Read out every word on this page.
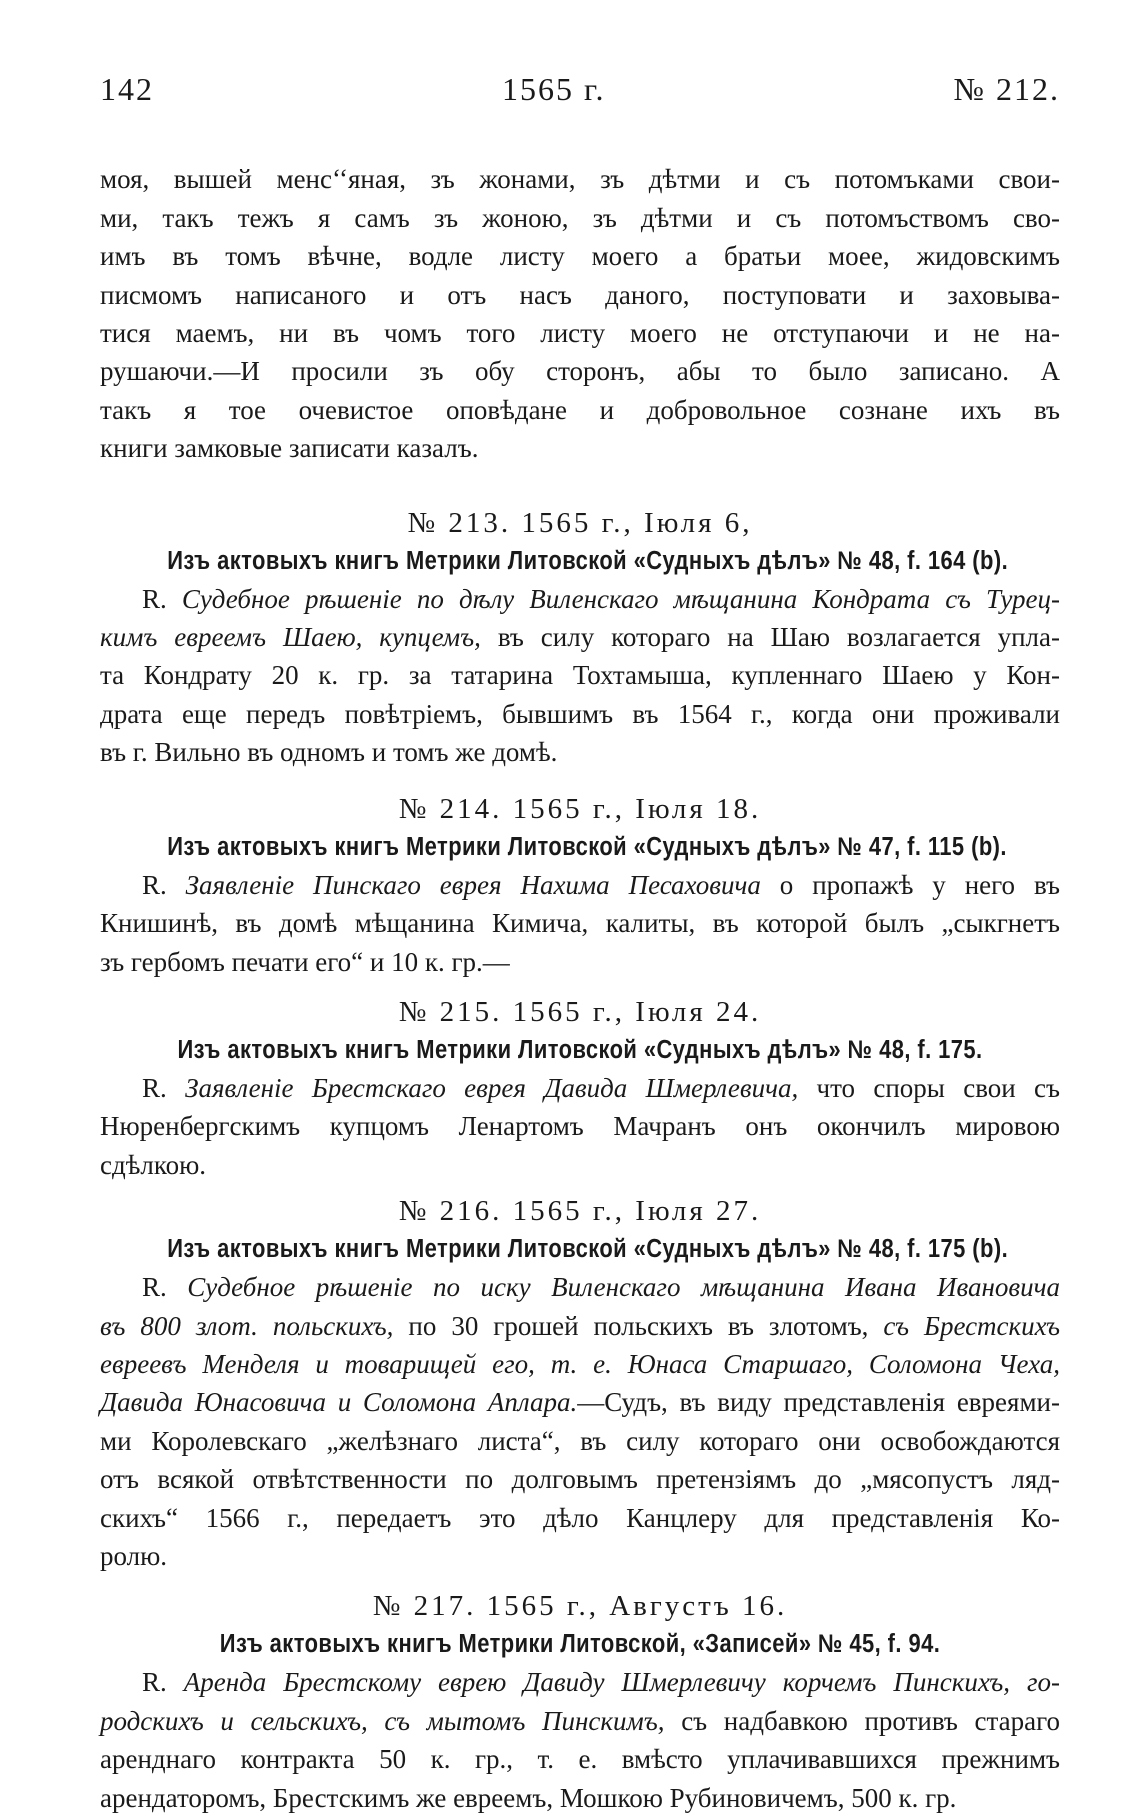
142	1565 г.	№ 212.
моя, вышей менс‘‘яная, зъ жонами, зъ дѣтми и съ потомъками свои-
ми, такъ тежъ я самъ зъ жоною, зъ дѣтми и съ потомъствомъ сво-
имъ въ томъ вѣчне, водле листу моего а братьи моее, жидовскимъ
писмомъ написаного и отъ насъ даного, поступовати и заховыва-
тися маемъ, ни въ чомъ того листу моего не отступаючи и не на-
рушаючи.—И просили зъ обу сторонъ, абы то было записано. А
такъ я тое очевистое оповѣдане и добровольное сознане ихъ въ
книги замковые записати казалъ.
№ 213. 1565 г., Іюля 6,
Изъ актовыхъ книгъ Метрики Литовской «Судныхъ дѣлъ» № 48, f. 164 (b).
R. Судебное рѣшеніе по дѣлу Виленскаго мѣщанина Кондрата съ Турец-
кимъ евреемъ Шаею, купцемъ, въ силу котораго на Шаю возлагается упла-
та Кондрату 20 к. гр. за татарина Тохтамыша, купленнаго Шаею у Кон-
драта еще передъ повѣтріемъ, бывшимъ въ 1564 г., когда они проживали
въ г. Вильно въ одномъ и томъ же домѣ.
№ 214. 1565 г., Іюля 18.
Изъ актовыхъ книгъ Метрики Литовской «Судныхъ дѣлъ» № 47, f. 115 (b).
R. Заявленіе Пинскаго еврея Нахима Песаховича о пропажѣ у него въ
Книшинѣ, въ домѣ мѣщанина Кимича, калиты, въ которой былъ „сыкгнетъ
зъ гербомъ печати его“ и 10 к. гр.—
№ 215. 1565 г., Іюля 24.
Изъ актовыхъ книгъ Метрики Литовской «Судныхъ дѣлъ» № 48, f. 175.
R. Заявленіе Брестскаго еврея Давида Шмерлевича, что споры свои съ
Нюренбергскимъ купцомъ Ленартомъ Мачранъ онъ окончилъ мировою
сдѣлкою.
№ 216. 1565 г., Іюля 27.
Изъ актовыхъ книгъ Метрики Литовской «Судныхъ дѣлъ» № 48, f. 175 (b).
R. Судебное рѣшеніе по иску Виленскаго мѣщанина Ивана Ивановича
въ 800 злот. польскихъ, по 30 грошей польскихъ въ злотомъ, съ Брестскихъ
евреевъ Менделя и товарищей его, т. е. Юнаса Старшаго, Соломона Чеха,
Давида Юнасовича и Соломона Аплара.—Судъ, въ виду представленія евреями-
ми Королевскаго „желѣзнаго листа“, въ силу котораго они освобождаются
отъ всякой отвѣтственности по долговымъ претензіямъ до „мясопустъ ляд-
скихъ“ 1566 г., передаетъ это дѣло Канцлеру для представленія Ко-
ролю.
№ 217. 1565 г., Августъ 16.
Изъ актовыхъ книгъ Метрики Литовской, «Записей» № 45, f. 94.
R. Аренда Брестскому еврею Давиду Шмерлевичу корчемъ Пинскихъ, го-
родскихъ и сельскихъ, съ мытомъ Пинскимъ, съ надбавкою противъ стараго
аренднаго контракта 50 к. гр., т. е. вмѣсто уплачивавшихся прежнимъ
арендаторомъ, Брестскимъ же евреемъ, Мошкою Рубиновичемъ, 500 к. гр.
